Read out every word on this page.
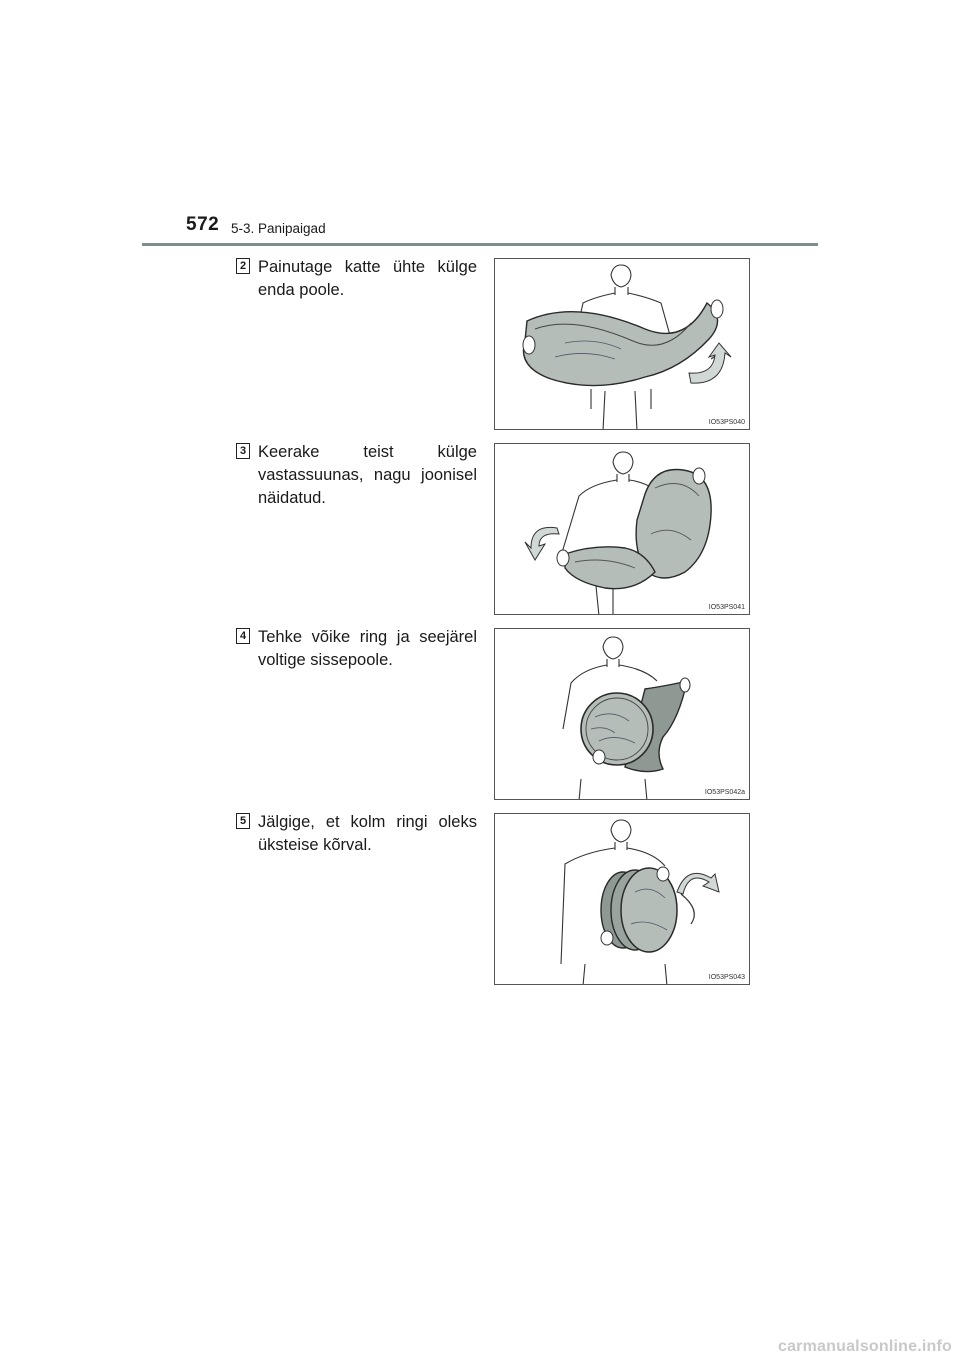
572 5-3. Panipaigad
2 Painutage katte ühte külge enda poole.
IO53PS040
3 Keerake teist külge vastassuunas, nagu joonisel näidatud.
IO53PS041
4 Tehke võike ring ja seejärel voltige sissepoole.
IO53PS042a
5 Jälgige, et kolm ringi oleks üksteise kõrval.
IO53PS043
carmanualsonline.info
